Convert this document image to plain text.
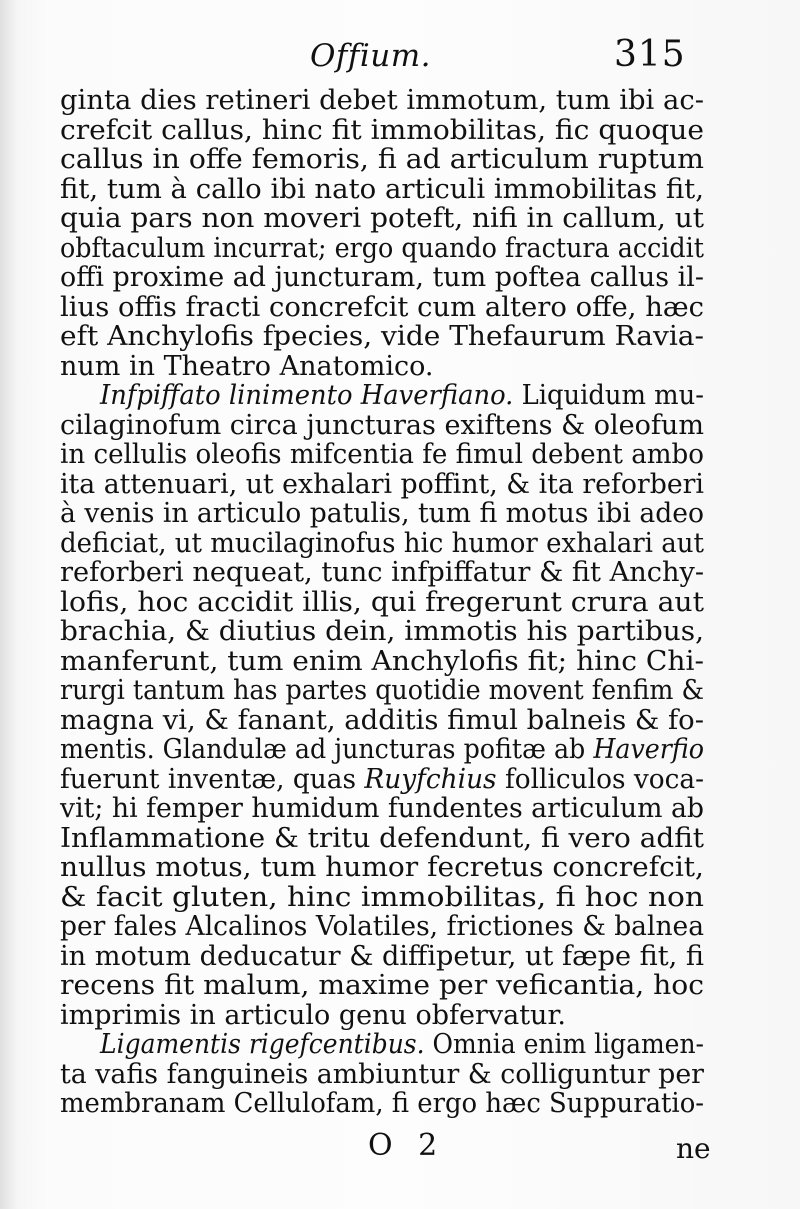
Offium.	315
ginta dies retineri debet immotum, tum ibi ac-
crefcit callus, hinc fit immobilitas, fic quoque
callus in offe femoris, fi ad articulum ruptum
fit, tum à callo ibi nato articuli immobilitas fit,
quia pars non moveri poteft, nifi in callum, ut
obftaculum incurrat; ergo quando fractura accidit
offi proxime ad juncturam, tum poftea callus il-
lius offis fracti concrefcit cum altero offe, hæc
eft Anchylofis fpecies, vide Thefaurum Ravia-
num in Theatro Anatomico.
Infpiffato linimento Haverfiano. Liquidum mu-
cilaginofum circa juncturas exiftens & oleofum
in cellulis oleofis mifcentia fe fimul debent ambo
ita attenuari, ut exhalari poffint, & ita reforberi
à venis in articulo patulis, tum fi motus ibi adeo
deficiat, ut mucilaginofus hic humor exhalari aut
reforberi nequeat, tunc infpiffatur & fit Anchy-
lofis, hoc accidit illis, qui fregerunt crura aut
brachia, & diutius dein, immotis his partibus,
manferunt, tum enim Anchylofis fit; hinc Chi-
rurgi tantum has partes quotidie movent fenfim &
magna vi, & fanant, additis fimul balneis & fo-
mentis. Glandulæ ad juncturas pofitæ ab Haverfio
fuerunt inventæ, quas Ruyfchius folliculos voca-
vit; hi femper humidum fundentes articulum ab
Inflammatione & tritu defendunt, fi vero adfit
nullus motus, tum humor fecretus concrefcit,
& facit gluten, hinc immobilitas, fi hoc non
per fales Alcalinos Volatiles, frictiones & balnea
in motum deducatur & diffipetur, ut fæpe fit, fi
recens fit malum, maxime per veficantia, hoc
imprimis in articulo genu obfervatur.
Ligamentis rigefcentibus. Omnia enim ligamen-
ta vafis fanguineis ambiuntur & colliguntur per
membranam Cellulofam, fi ergo hæc Suppuratio-
O 2	ne
